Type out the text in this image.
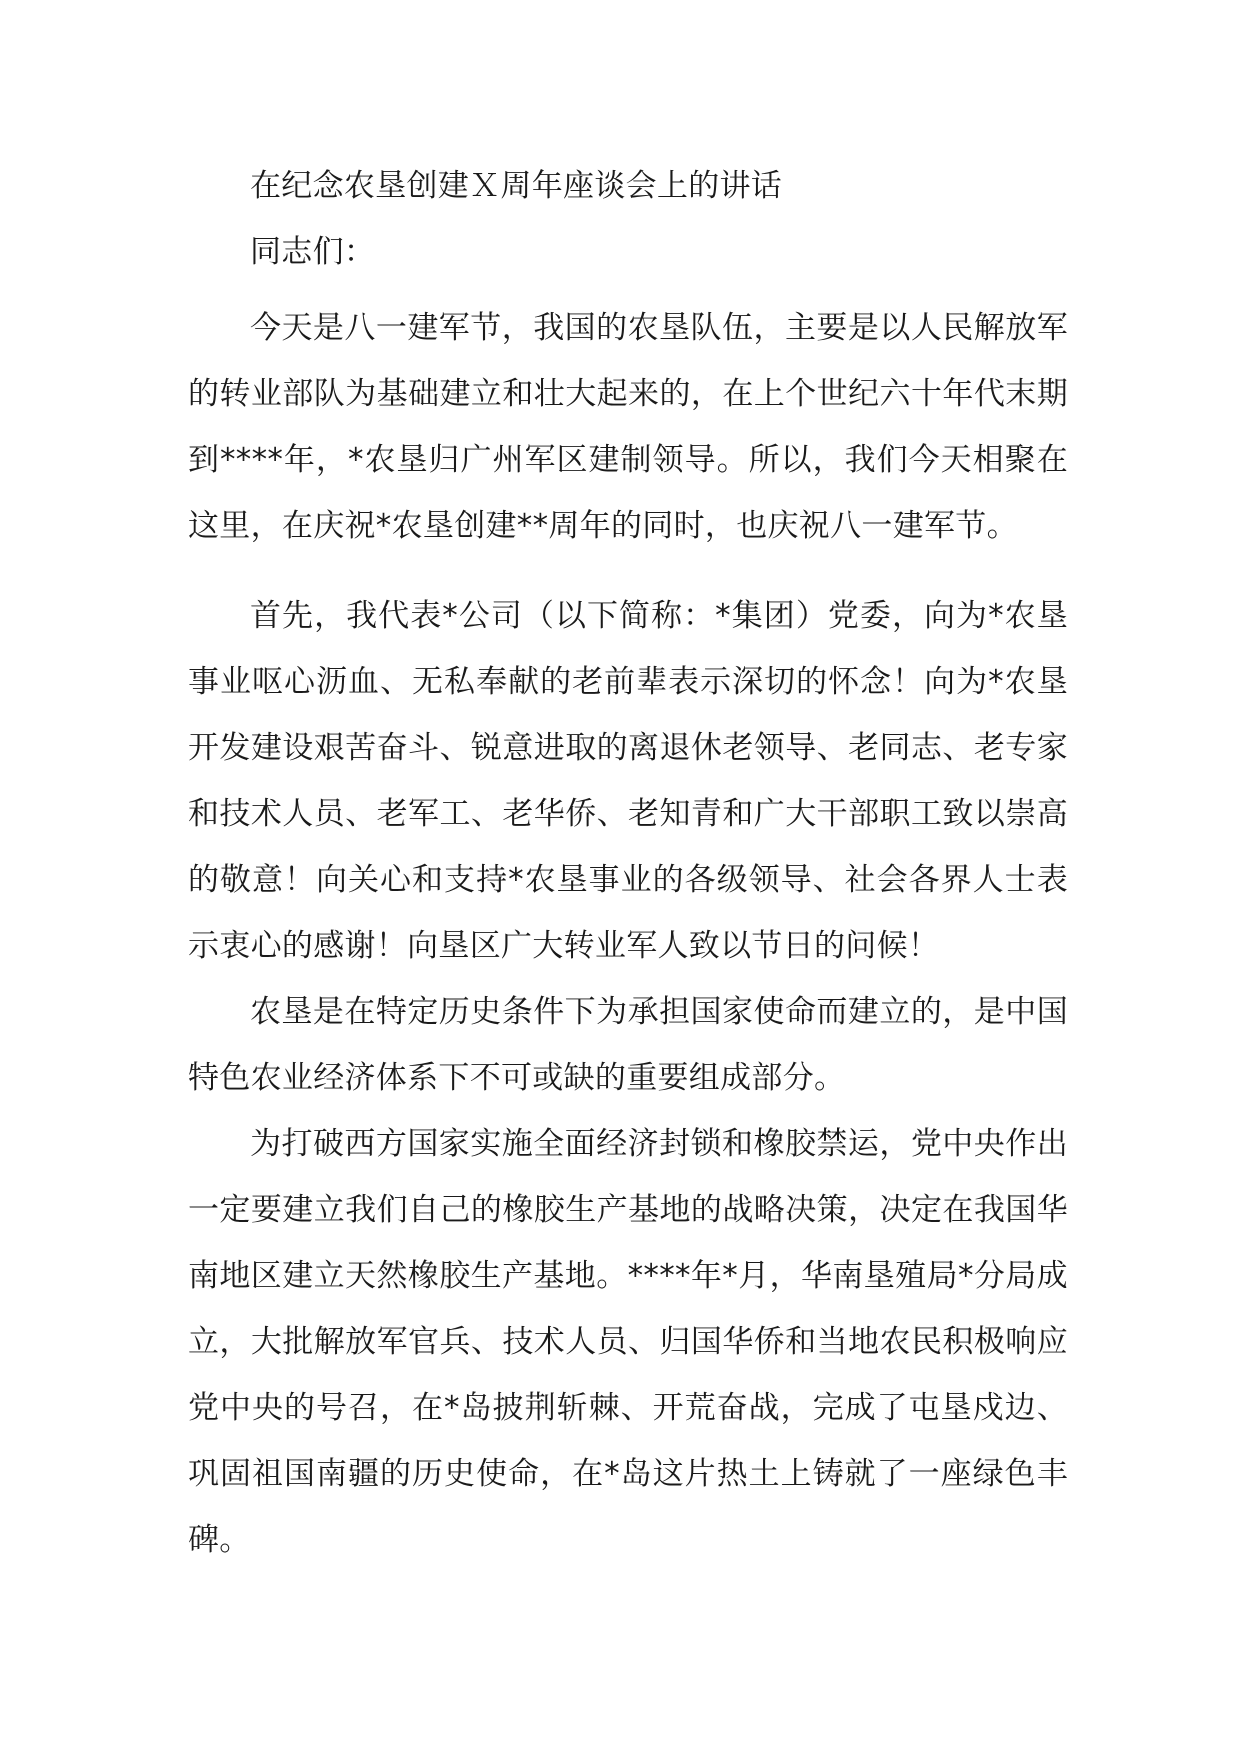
在纪念农垦创建Ｘ周年座谈会上的讲话

同志们：

今天是八一建军节，我国的农垦队伍，主要是以人民解放军的转业部队为基础建立和壮大起来的，在上个世纪六十年代末期到****年，*农垦归广州军区建制领导。所以，我们今天相聚在这里，在庆祝*农垦创建**周年的同时，也庆祝八一建军节。

首先，我代表*公司（以下简称：*集团）党委，向为*农垦事业呕心沥血、无私奉献的老前辈表示深切的怀念！向为*农垦开发建设艰苦奋斗、锐意进取的离退休老领导、老同志、老专家和技术人员、老军工、老华侨、老知青和广大干部职工致以崇高的敬意！向关心和支持*农垦事业的各级领导、社会各界人士表示衷心的感谢！向垦区广大转业军人致以节日的问候！

农垦是在特定历史条件下为承担国家使命而建立的，是中国特色农业经济体系下不可或缺的重要组成部分。

为打破西方国家实施全面经济封锁和橡胶禁运，党中央作出一定要建立我们自己的橡胶生产基地的战略决策，决定在我国华南地区建立天然橡胶生产基地。****年*月，华南垦殖局*分局成立，大批解放军官兵、技术人员、归国华侨和当地农民积极响应党中央的号召，在*岛披荆斩棘、开荒奋战，完成了屯垦戍边、巩固祖国南疆的历史使命，在*岛这片热土上铸就了一座绿色丰碑。
